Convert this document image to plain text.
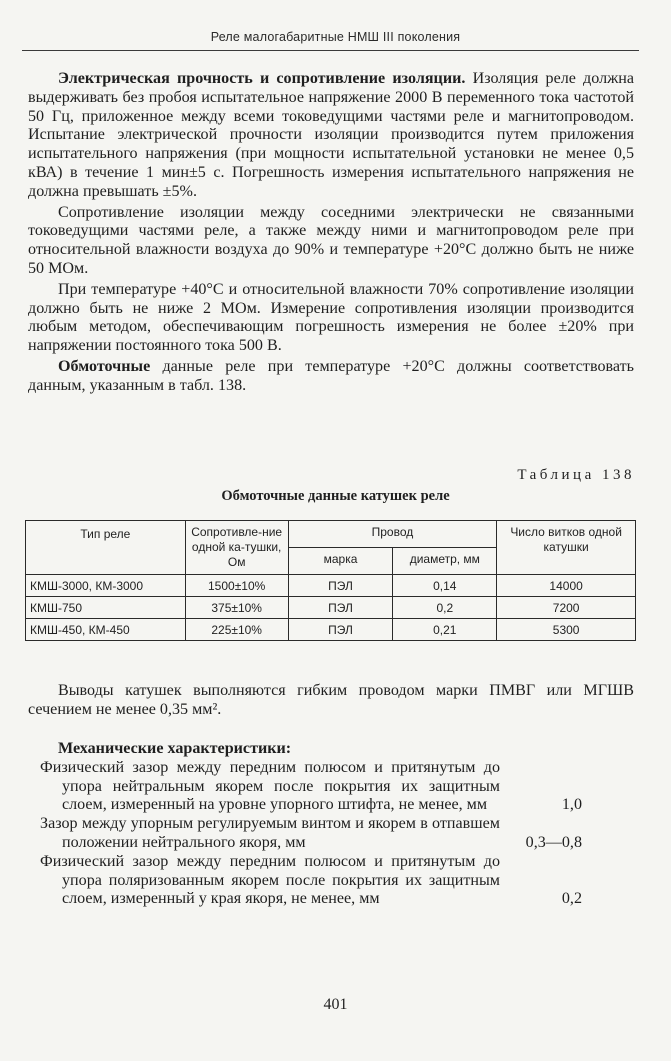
Реле малогабаритные НМШ III поколения

Электрическая прочность и сопротивление изоляции. Изоляция реле должна выдерживать без пробоя испытательное напряжение 2000 В переменного тока частотой 50 Гц, приложенное между всеми токоведущими частями реле и магнитопроводом. Испытание электрической прочности изоляции производится путем приложения испытательного напряжения (при мощности испытательной установки не менее 0,5 кВА) в течение 1 мин±5 с. Погрешность измерения испытательного напряжения не должна превышать ±5%.

Сопротивление изоляции между соседними электрически не связанными токоведущими частями реле, а также между ними и магнитопроводом реле при относительной влажности воздуха до 90% и температуре +20°С должно быть не ниже 50 МОм.

При температуре +40°С и относительной влажности 70% сопротивление изоляции должно быть не ниже 2 МОм. Измерение сопротивления изоляции производится любым методом, обеспечивающим погрешность измерения не более ±20% при напряжении постоянного тока 500 В.

Обмоточные данные реле при температуре +20°С должны соответствовать данным, указанным в табл. 138.

Таблица 138
Обмоточные данные катушек реле
Тип реле	Сопротивле-ние одной ка-тушки, Ом	Провод		Число витков одной катушки
		марка	диаметр, мм	
КМШ-3000, КМ-3000	1500±10%	ПЭЛ	0,14	14000
КМШ-750	375±10%	ПЭЛ	0,2	7200
КМШ-450, КМ-450	225±10%	ПЭЛ	0,21	5300

Выводы катушек выполняются гибким проводом марки ПМВГ или МГШВ сечением не менее 0,35 мм².

Механические характеристики:
Физический зазор между передним полюсом и притянутым до упора нейтральным якорем после покрытия их защитным слоем, измеренный на уровне упорного штифта, не менее, мм	1,0
Зазор между упорным регулируемым винтом и якорем в отпавшем положении нейтрального якоря, мм	0,3—0,8
Физический зазор между передним полюсом и притянутым до упора поляризованным якорем после покрытия их защитным слоем, измеренный у края якоря, не менее, мм	0,2
401
